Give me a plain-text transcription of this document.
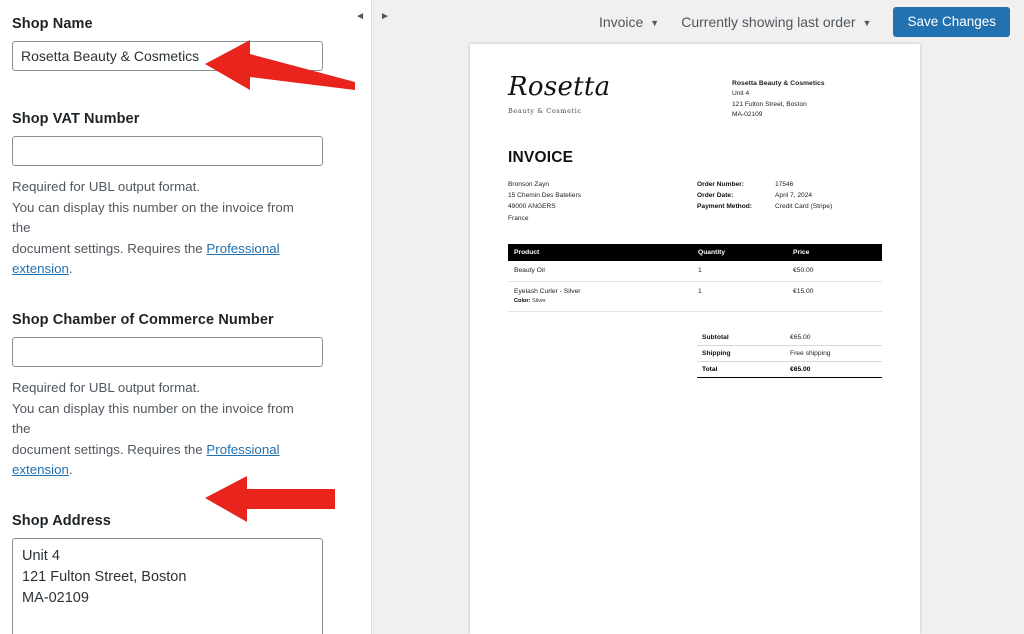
◄

Shop Name

Rosetta Beauty & Cosmetics

Shop VAT Number

Required for UBL output format.
You can display this number on the invoice from the
document settings. Requires the Professional extension.

Shop Chamber of Commerce Number

Required for UBL output format.
You can display this number on the invoice from the
document settings. Requires the Professional extension.

Shop Address

Unit 4 121 Fulton Street, Boston MA-02109
►	Invoice ▼ Currently showing last order ▼	Save Changes
Rosetta
Beauty & Cosmetic
Rosetta Beauty & Cosmetics
Unit 4
121 Fulton Street, Boston
MA-02109
INVOICE
Bronson Zayn
15 Chemin Des Bateliers
49000 ANGERS
France
Order Number:	17546
Order Date:	April 7, 2024
Payment Method:	Credit Card (Stripe)
Product	Quantity	Price
Beauty Oil	1	€50.00
Eyelash Curler - Silver
Color: Silver	1	€15.00
Subtotal	€65.00
Shipping	Free shipping
Total	€65.00
